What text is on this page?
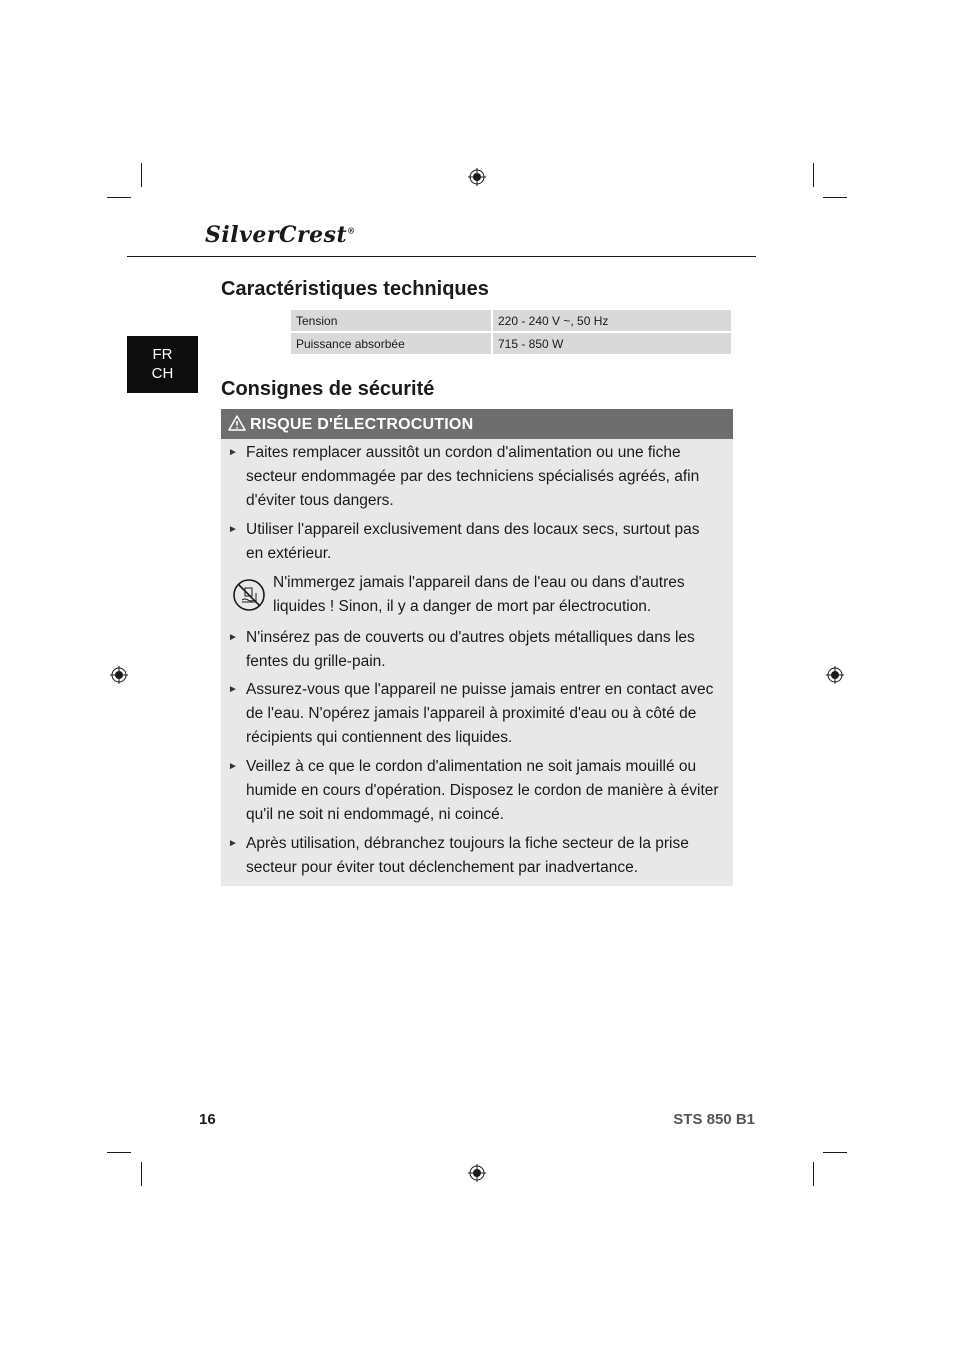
SilverCrest®
FR
CH
Caractéristiques techniques
Tension	220 - 240 V ~, 50 Hz
Puissance absorbée	715 - 850 W
Consignes de sécurité
RISQUE D'ÉLECTROCUTION
► Faites remplacer aussitôt un cordon d'alimentation ou une fiche secteur endommagée par des techniciens spécialisés agréés, afin d'éviter tous dangers.
► Utiliser l'appareil exclusivement dans des locaux secs, surtout pas en extérieur.
N'immergez jamais l'appareil dans de l'eau ou dans d'autres liquides ! Sinon, il y a danger de mort par électrocution.
► N'insérez pas de couverts ou d'autres objets métalliques dans les fentes du grille-pain.
► Assurez-vous que l'appareil ne puisse jamais entrer en contact avec de l'eau. N'opérez jamais l'appareil à proximité d'eau ou à côté de récipients qui contiennent des liquides.
► Veillez à ce que le cordon d'alimentation ne soit jamais mouillé ou humide en cours d'opération. Disposez le cordon de manière à éviter qu'il ne soit ni endommagé, ni coincé.
► Après utilisation, débranchez toujours la fiche secteur de la prise secteur pour éviter tout déclenchement par inadvertance.
16	STS 850 B1
